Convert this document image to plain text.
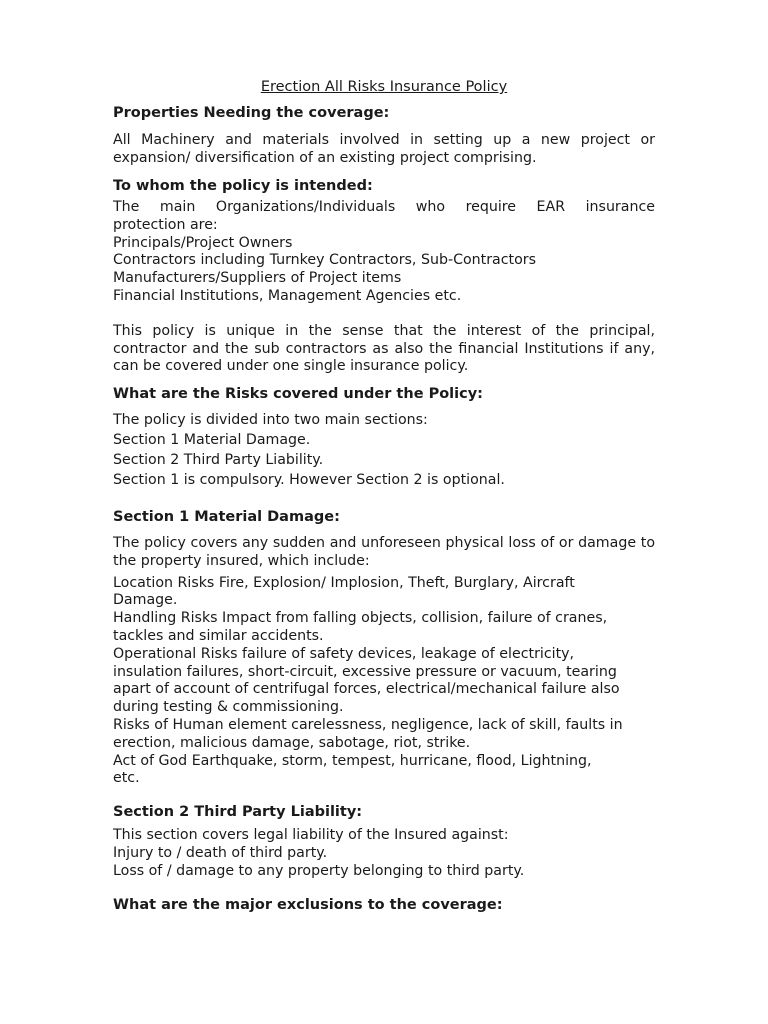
Erection All Risks Insurance Policy

Properties Needing the coverage:

All Machinery and materials involved in setting up a new project or expansion/ diversification of an existing project comprising.

To whom the policy is intended:

The main Organizations/Individuals who require EAR insurance

protection are:

Principals/Project Owners

Contractors including Turnkey Contractors, Sub-Contractors

Manufacturers/Suppliers of Project items

Financial Institutions, Management Agencies etc.

This policy is unique in the sense that the interest of the principal, contractor and the sub contractors as also the financial Institutions if any, can be covered under one single insurance policy.

What are the Risks covered under the Policy:

The policy is divided into two main sections:

Section 1 Material Damage.

Section 2 Third Party Liability.

Section 1 is compulsory. However Section 2 is optional.

Section 1 Material Damage:

The policy covers any sudden and unforeseen physical loss of or damage to the property insured, which include:

Location Risks Fire, Explosion/ Implosion, Theft, Burglary, Aircraft

Damage.

Handling Risks Impact from falling objects, collision, failure of cranes,

tackles and similar accidents.

Operational Risks failure of safety devices, leakage of electricity,

insulation failures, short-circuit, excessive pressure or vacuum, tearing

apart of account of centrifugal forces, electrical/mechanical failure also

during testing & commissioning.

Risks of Human element carelessness, negligence, lack of skill, faults in

erection, malicious damage, sabotage, riot, strike.

Act of God Earthquake, storm, tempest, hurricane, flood, Lightning,

etc.

Section 2 Third Party Liability:

This section covers legal liability of the Insured against:

Injury to / death of third party.

Loss of / damage to any property belonging to third party.

What are the major exclusions to the coverage:
